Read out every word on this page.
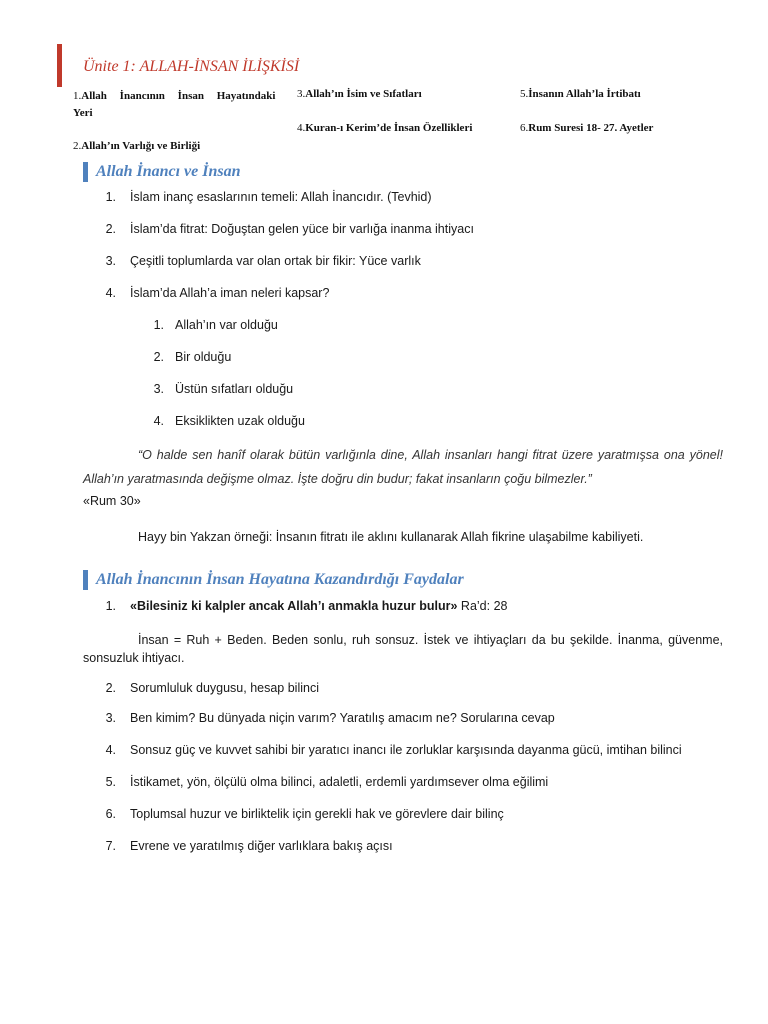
Ünite 1: ALLAH-İNSAN İLİŞKİSİ
1.Allah İnancının İnsan Hayatındaki Yeri
2.Allah’ın Varlığı ve Birliği
3.Allah’ın İsim ve Sıfatları
4.Kuran-ı Kerim’de İnsan Özellikleri
5.İnsanın Allah’la İrtibatı
6.Rum Suresi 18- 27. Ayetler
Allah İnancı ve İnsan
1. İslam inanç esaslarının temeli: Allah İnancıdır. (Tevhid)
2. İslam’da fitrat: Doğuştan gelen yüce bir varlığa inanma ihtiyacı
3. Çeşitli toplumlarda var olan ortak bir fikir: Yüce varlık
4. İslam’da Allah’a iman neleri kapsar?
1. Allah’ın var olduğu
2. Bir olduğu
3. Üstün sıfatları olduğu
4. Eksiklikten uzak olduğu
“O halde sen hanîf olarak bütün varlığınla dine, Allah insanları hangi fitrat üzere yaratmışsa ona yönel! Allah’ın yaratmasında değişme olmaz. İşte doğru din budur; fakat insanların çoğu bilmezler.”
«Rum 30»
Hayy bin Yakzan örneği: İnsanın fitratı ile aklını kullanarak Allah fikrine ulaşabilme kabiliyeti.
Allah İnancının İnsan Hayatına Kazandırdığı Faydalar
1. «Bilesiniz ki kalpler ancak Allah’ı anmakla huzur bulur» Ra’d: 28
İnsan = Ruh + Beden. Beden sonlu, ruh sonsuz. İstek ve ihtiyaçları da bu şekilde. İnanma, güvenme, sonsuzluk ihtiyacı.
2. Sorumluluk duygusu, hesap bilinci
3. Ben kimim? Bu dünyada niçin varım? Yaratılış amacım ne? Sorularına cevap
4. Sonsuz güç ve kuvvet sahibi bir yaratıcı inancı ile zorluklar karşısında dayanma gücü, imtihan bilinci
5. İstikamet, yön, ölçülü olma bilinci, adaletli, erdemli yardımsever olma eğilimi
6. Toplumsal huzur ve birliktelik için gerekli hak ve görevlere dair bilinç
7. Evrene ve yaratılmış diğer varlıklara bakış açısı
